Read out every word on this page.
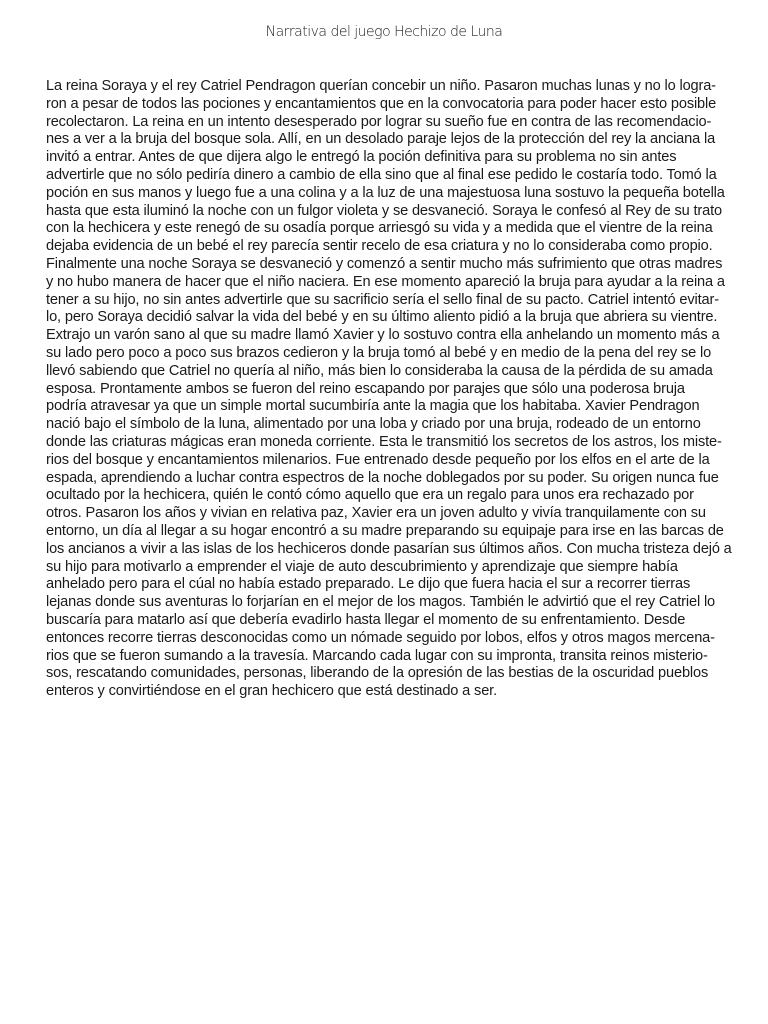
Narrativa del juego Hechizo de Luna
La reina Soraya y el rey Catriel Pendragon querían concebir un niño. Pasaron muchas lunas y no lo logra-
ron a pesar de todos las pociones y encantamientos que en la convocatoria para poder hacer esto posible
recolectaron. La reina en un intento desesperado por lograr su sueño fue en contra de las recomendacio-
nes a ver a la bruja del bosque sola. Allí, en un desolado paraje lejos de la protección del rey la anciana la
invitó a entrar. Antes de que dijera algo le entregó la poción definitiva para su problema no sin antes
advertirle que no sólo pediría dinero a cambio de ella sino que al final ese pedido le costaría todo. Tomó la
poción en sus manos y luego fue a una colina y a la luz de una majestuosa luna sostuvo la pequeña botella
hasta que esta iluminó la noche con un fulgor violeta y se desvaneció. Soraya le confesó al Rey de su trato
con la hechicera y este renegó de su osadía porque arriesgó su vida y a medida que el vientre de la reina
dejaba evidencia de un bebé el rey parecía sentir recelo de esa criatura y no lo consideraba como propio.
Finalmente una noche Soraya se desvaneció y comenzó a sentir mucho más sufrimiento que otras madres
y no hubo manera de hacer que el niño naciera. En ese momento apareció la bruja para ayudar a la reina a
tener a su hijo, no sin antes advertirle que su sacrificio sería el sello final de su pacto. Catriel intentó evitar-
lo, pero Soraya decidió salvar la vida del bebé y en su último aliento pidió a la bruja que abriera su vientre.
Extrajo un varón sano al que su madre llamó Xavier y lo sostuvo contra ella anhelando un momento más a
su lado pero poco a poco sus brazos cedieron y la bruja tomó al bebé y en medio de la pena del rey se lo
llevó sabiendo que Catriel no quería al niño, más bien lo consideraba la causa de la pérdida de su amada
esposa. Prontamente ambos se fueron del reino escapando por parajes que sólo una poderosa bruja
podría atravesar ya que un simple mortal sucumbiría ante la magia que los habitaba. Xavier Pendragon
nació bajo el símbolo de la luna, alimentado por una loba y criado por una bruja, rodeado de un entorno
donde las criaturas mágicas eran moneda corriente. Esta le transmitió los secretos de los astros, los miste-
rios del bosque y encantamientos milenarios. Fue entrenado desde pequeño por los elfos en el arte de la
espada, aprendiendo a luchar contra espectros de la noche doblegados por su poder. Su origen nunca fue
ocultado por la hechicera, quién le contó cómo aquello que era un regalo para unos era rechazado por
otros. Pasaron los años y vivian en relativa paz, Xavier era un joven adulto y vivía tranquilamente con su
entorno, un día al llegar a su hogar encontró a su madre preparando su equipaje para irse en las barcas de
los ancianos a vivir a las islas de los hechiceros donde pasarían sus últimos años. Con mucha tristeza dejó a
su hijo para motivarlo a emprender el viaje de auto descubrimiento y aprendizaje que siempre había
anhelado pero para el cúal no había estado preparado. Le dijo que fuera hacia el sur a recorrer tierras
lejanas donde sus aventuras lo forjarían en el mejor de los magos. También le advirtió que el rey Catriel lo
buscaría para matarlo así que debería evadirlo hasta llegar el momento de su enfrentamiento. Desde
entonces recorre tierras desconocidas como un nómade seguido por lobos, elfos y otros magos mercena-
rios que se fueron sumando a la travesía. Marcando cada lugar con su impronta, transita reinos misterio-
sos, rescatando comunidades, personas, liberando de la opresión de las bestias de la oscuridad pueblos
enteros y convirtiéndose en el gran hechicero que está destinado a ser.
